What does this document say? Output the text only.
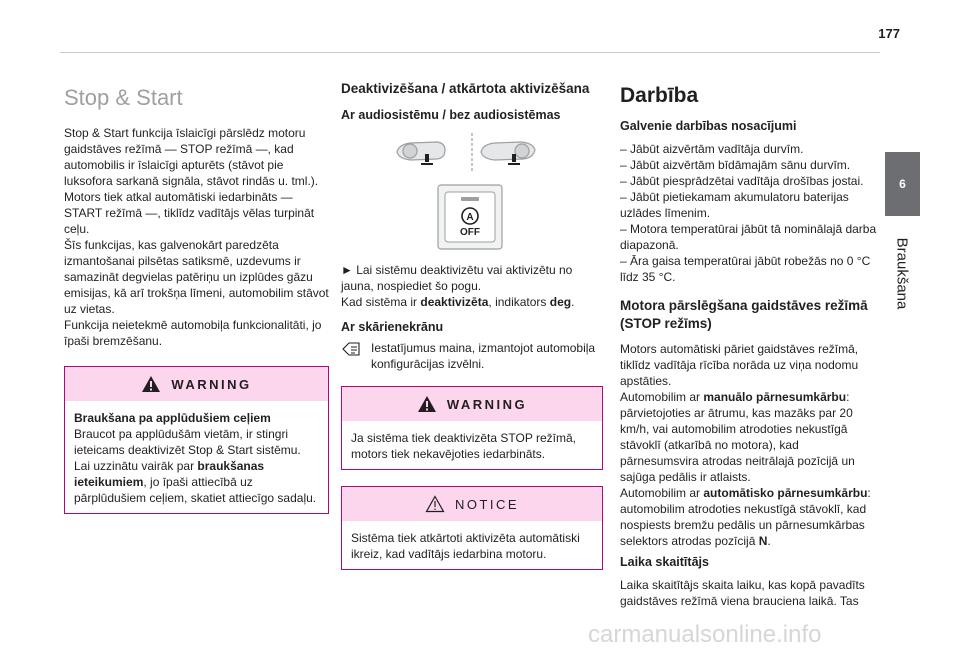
177
6
Braukšana
Stop & Start

Stop & Start funkcija īslaicīgi pārslēdz motoru gaidstāves režīmā — STOP režīmā —, kad automobilis ir īslaicīgi apturēts (stāvot pie luksofora sarkanā signāla, stāvot rindās u. tml.). Motors tiek atkal automātiski iedarbināts — START režīmā —, tiklīdz vadītājs vēlas turpināt ceļu.

Šīs funkcijas, kas galvenokārt paredzēta izmantošanai pilsētas satiksmē, uzdevums ir samazināt degvielas patēriņu un izplūdes gāzu emisijas, kā arī trokšņa līmeni, automobilim stāvot uz vietas.

Funkcija neietekmē automobiļa funkcionalitāti, jo īpaši bremzēšanu.

WARNING

Braukšana pa applūdušiem ceļiem

Braucot pa applūdušām vietām, ir stingri ieteicams deaktivizēt Stop & Start sistēmu.

Lai uzzinātu vairāk par braukšanas ieteikumiem, jo īpaši attiecībā uz pārplūdušiem ceļiem, skatiet attiecīgo sadaļu.

Deaktivizēšana / atkārtota aktivizēšana
Ar audiosistēmu / bez audiosistēmas
A
OFF

► Lai sistēmu deaktivizētu vai aktivizētu no jauna, nospiediet šo pogu.

Kad sistēma ir deaktivizēta, indikators deg.

Ar skārienekrānu

Iestatījumus maina, izmantojot automobiļa konfigurācijas izvēlni.

WARNING

Ja sistēma tiek deaktivizēta STOP režīmā, motors tiek nekavējoties iedarbināts.

NOTICE

Sistēma tiek atkārtoti aktivizēta automātiski ikreiz, kad vadītājs iedarbina motoru.

Darbība
Galvenie darbības nosacījumi
– Jābūt aizvērtām vadītāja durvīm.
– Jābūt aizvērtām bīdāmajām sānu durvīm.
– Jābūt piesprādzētai vadītāja drošības jostai.
– Jābūt pietiekamam akumulatoru baterijas uzlādes līmenim.
– Motora temperatūrai jābūt tā nominālajā darba diapazonā.
– Āra gaisa temperatūrai jābūt robežās no 0 °C līdz 35 °C.
Motora pārslēgšana gaidstāves režīmā (STOP režīms)

Motors automātiski pāriet gaidstāves režīmā, tiklīdz vadītāja rīcība norāda uz viņa nodomu apstāties.

Automobilim ar manuālo pārnesumkārbu: pārvietojoties ar ātrumu, kas mazāks par 20 km/h, vai automobilim atrodoties nekustīgā stāvoklī (atkarībā no motora), kad pārnesumsvira atrodas neitrālajā pozīcijā un sajūga pedālis ir atlaists.

Automobilim ar automātisko pārnesumkārbu: automobilim atrodoties nekustīgā stāvoklī, kad nospiests bremžu pedālis un pārnesumkārbas selektors atrodas pozīcijā N.

Laika skaitītājs

Laika skaitītājs skaita laiku, kas kopā pavadīts gaidstāves režīmā viena brauciena laikā. Tas

carmanualsonline.info
